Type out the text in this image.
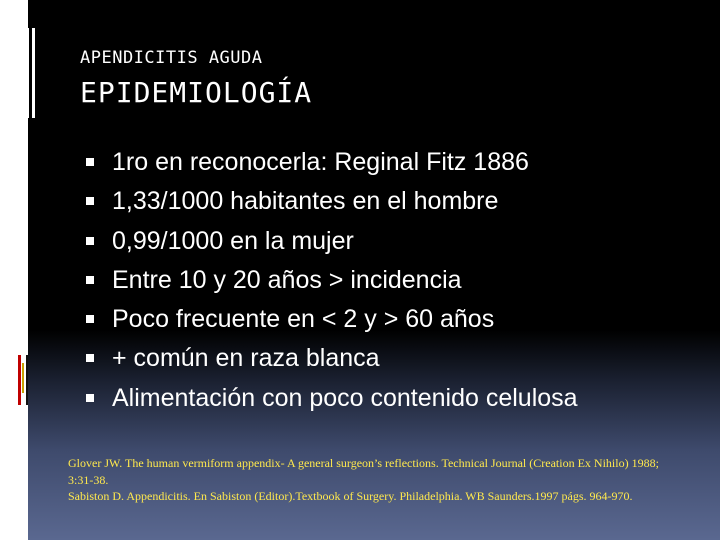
APENDICITIS AGUDA
EPIDEMIOLOGÍA
1ro en reconocerla: Reginal Fitz 1886
1,33/1000 habitantes en el hombre
0,99/1000 en la mujer
Entre 10 y 20 años > incidencia
Poco frecuente en < 2 y > 60 años
+ común en raza blanca
Alimentación con poco contenido celulosa
Glover JW. The human vermiform appendix- A general surgeon’s reflections. Technical Journal (Creation Ex Nihilo) 1988; 3:31-38.
Sabiston D. Appendicitis. En Sabiston (Editor).Textbook of Surgery. Philadelphia. WB Saunders.1997 págs. 964-970.
